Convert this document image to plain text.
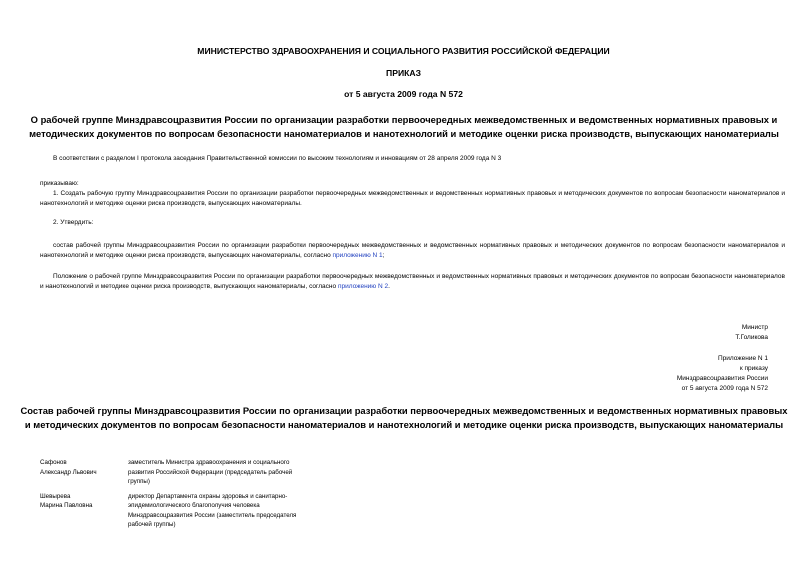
МИНИСТЕРСТВО ЗДРАВООХРАНЕНИЯ И СОЦИАЛЬНОГО РАЗВИТИЯ РОССИЙСКОЙ ФЕДЕРАЦИИ
ПРИКАЗ
от 5 августа 2009 года N 572
О рабочей группе Минздравсоцразвития России по организации разработки первоочередных межведомственных и ведомственных нормативных правовых и
методических документов по вопросам безопасности наноматериалов и нанотехнологий и методике оценки риска производств, выпускающих наноматериалы
В соответствии с разделом I протокола заседания Правительственной комиссии по высоким технологиям и инновациям от 28 апреля 2009 года N 3
приказываю:
1. Создать рабочую группу Минздравсоцразвития России по организации разработки первоочередных межведомственных и ведомственных нормативных правовых и методических документов по вопросам безопасности наноматериалов и нанотехнологий и методике оценки риска производств, выпускающих наноматериалы.
2. Утвердить:
состав рабочей группы Минздравсоцразвития России по организации разработки первоочередных межведомственных и ведомственных нормативных правовых и методических документов по вопросам безопасности наноматериалов и нанотехнологий и методике оценки риска производств, выпускающих наноматериалы, согласно приложению N 1;
Положение о рабочей группе Минздравсоцразвития России по организации разработки первоочередных межведомственных и ведомственных нормативных правовых и методических документов по вопросам безопасности наноматериалов и нанотехнологий и методике оценки риска производств, выпускающих наноматериалы, согласно приложению N 2.
Министр
Т.Голикова
Приложение N 1
к приказу
Минздравсоцразвития России
от 5 августа 2009 года N 572
Состав рабочей группы Минздравсоцразвития России по организации разработки первоочередных межведомственных и ведомственных нормативных правовых
и методических документов по вопросам безопасности наноматериалов и нанотехнологий и методике оценки риска производств, выпускающих наноматериалы
Сафонов
Александр Львович
заместитель Министра здравоохранения и социального
развития Российской Федерации (председатель рабочей
группы)
Шевырева
Марина Павловна
директор Департамента охраны здоровья и санитарно-
эпидемиологического благополучия человека
Минздравсоцразвития России (заместитель председателя
рабочей группы)
